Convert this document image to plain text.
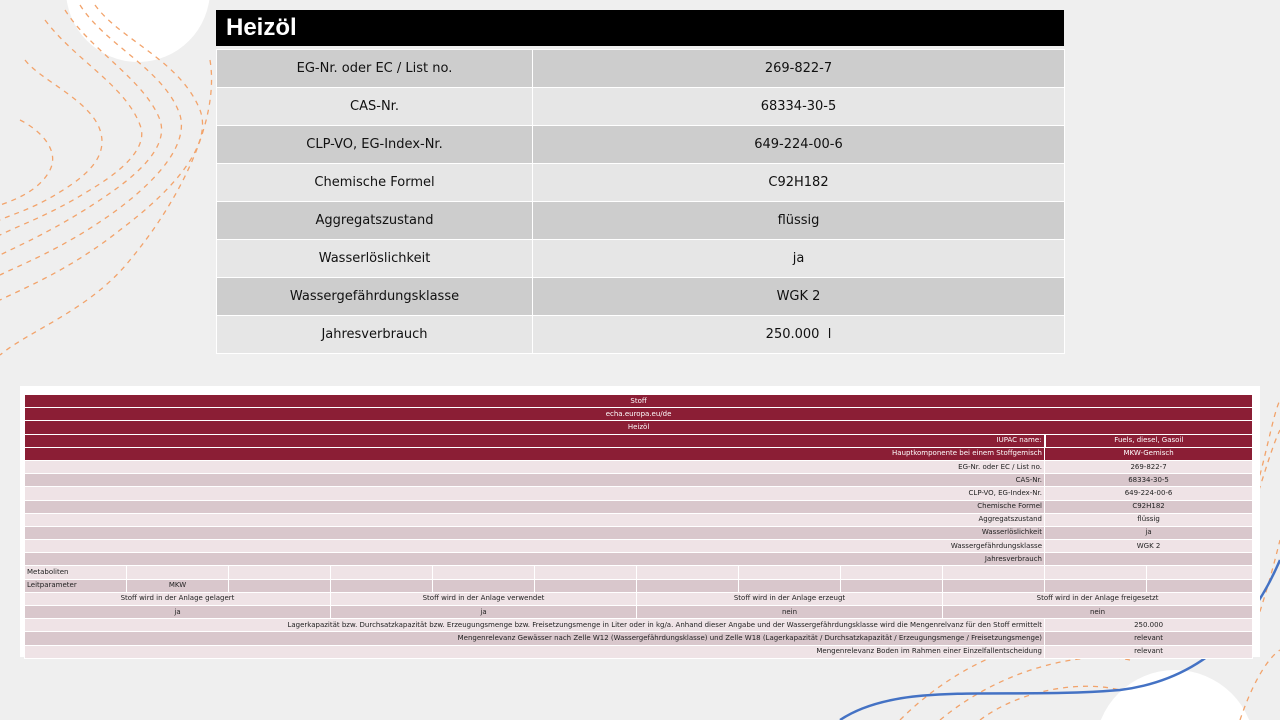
Heizöl
EG-Nr. oder EC / List no.	269-822-7
CAS-Nr.	68334-30-5
CLP-VO, EG-Index-Nr.	649-224-00-6
Chemische Formel	C92H182
Aggregatszustand	flüssig
Wasserlöslichkeit	ja
Wassergefährdungsklasse	WGK 2
Jahresverbrauch	250.000  l
Stoff											
echa.europa.eu/de											
Heizöl											
IUPAC name:										Fuels, diesel, Gasoil	
Hauptkomponente bei einem Stoffgemisch										MKW-Gemisch	
EG-Nr. oder EC / List no.										269-822-7	
CAS-Nr.										68334-30-5	
CLP-VO, EG-Index-Nr.										649-224-00-6	
Chemische Formel										C92H182	
Aggregatszustand										flüssig	
Wasserlöslichkeit										ja	
Wassergefährdungsklasse										WGK 2	
Jahresverbrauch											
Metaboliten											
Leitparameter	MKW										
Stoff wird in der Anlage gelagert			Stoff wird in der Anlage verwendet			Stoff wird in der Anlage erzeugt			Stoff wird in der Anlage freigesetzt		
ja			ja			nein			nein		
Lagerkapazität bzw. Durchsatzkapazität bzw. Erzeugungsmenge bzw. Freisetzungsmenge in Liter oder in kg/a. Anhand dieser Angabe und der Wassergefährdungsklasse wird die Mengenrelvanz für den Stoff ermittelt										250.000	
Mengenrelevanz Gewässer nach Zelle W12 (Wassergefährdungsklasse) und Zelle W18 (Lagerkapazität / Durchsatzkapazität / Erzeugungsmenge / Freisetzungsmenge)										relevant	
Mengenrelevanz Boden im Rahmen einer Einzelfallentscheidung										relevant	
